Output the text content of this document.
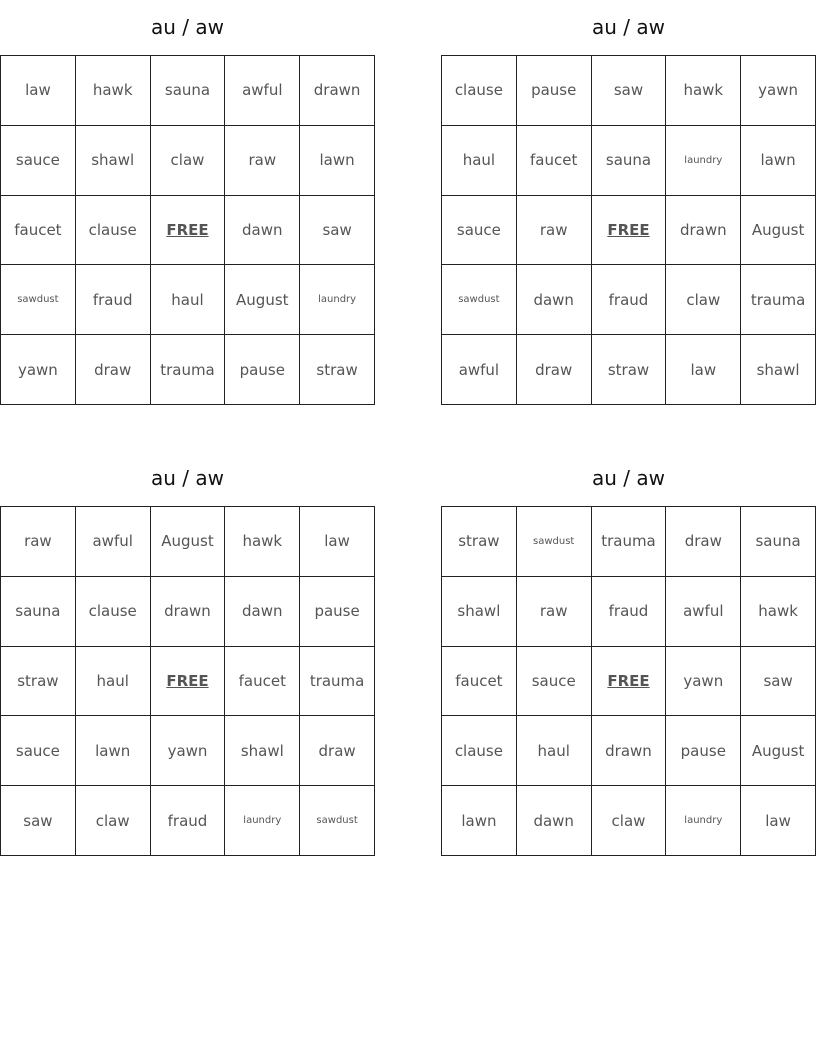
au / aw
law	hawk	sauna	awful	drawn
sauce	shawl	claw	raw	lawn
faucet	clause	FREE	dawn	saw
sawdust	fraud	haul	August	laundry
yawn	draw	trauma	pause	straw
au / aw
clause	pause	saw	hawk	yawn
haul	faucet	sauna	laundry	lawn
sauce	raw	FREE	drawn	August
sawdust	dawn	fraud	claw	trauma
awful	draw	straw	law	shawl
au / aw
raw	awful	August	hawk	law
sauna	clause	drawn	dawn	pause
straw	haul	FREE	faucet	trauma
sauce	lawn	yawn	shawl	draw
saw	claw	fraud	laundry	sawdust
au / aw
straw	sawdust	trauma	draw	sauna
shawl	raw	fraud	awful	hawk
faucet	sauce	FREE	yawn	saw
clause	haul	drawn	pause	August
lawn	dawn	claw	laundry	law
